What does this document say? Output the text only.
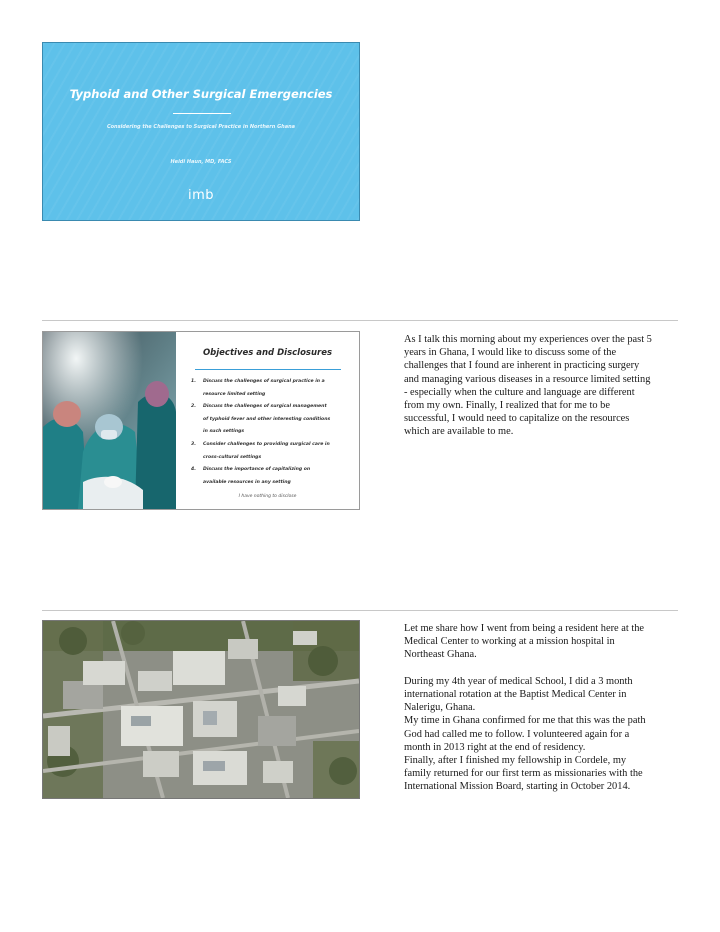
Typhoid and Other Surgical Emergencies
Considering the Challenges to Surgical Practice in Northern Ghana
Heidi Haun, MD, FACS
imb
Objectives and Disclosures
1. Discuss the challenges of surgical practice in a
resource limited setting
2. Discuss the challenges of surgical management
of typhoid fever and other interesting conditions
in such settings
3. Consider challenges to providing surgical care in
cross-cultural settings
4. Discuss the importance of capitalizing on
available resources in any setting
I have nothing to disclose

As I talk this morning about my experiences over the past 5

years in Ghana, I would like to discuss some of the

challenges that I found are inherent in practicing surgery

and managing various diseases in a resource limited setting

- especially when the culture and language are different

from my own. Finally, I realized that for me to be

successful, I would need to capitalize on the resources

which are available to me.

Let me share how I went from being a resident here at the

Medical Center to working at a mission hospital in

Northeast Ghana.

During my 4th year of medical School, I did a 3 month

international rotation at the Baptist Medical Center in

Nalerigu, Ghana.

My time in Ghana confirmed for me that this was the path

God had called me to follow. I volunteered again for a

month in 2013 right at the end of residency.

Finally, after I finished my fellowship in Cordele, my

family returned for our first term as missionaries with the

International Mission Board, starting in October 2014.
